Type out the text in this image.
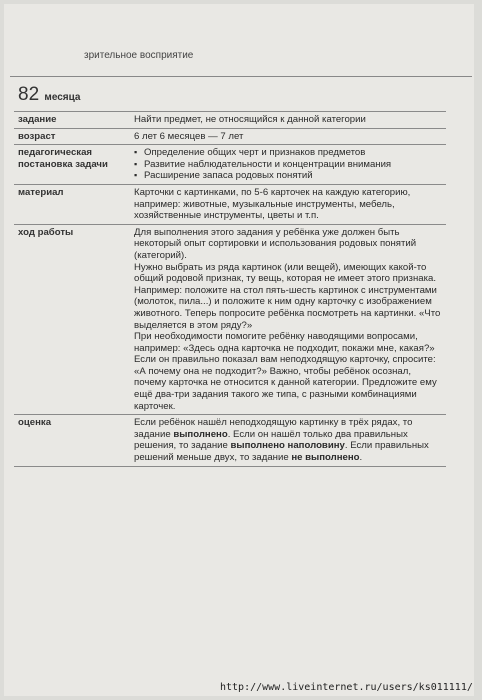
зрительное восприятие
82 месяца
задание	Найти предмет, не относящийся к данной категории
возраст	6 лет 6 месяцев — 7 лет
педагогическая постановка задачи
▪ Определение общих черт и признаков предметов
▪ Развитие наблюдательности и концентрации внимания
▪ Расширение запаса родовых понятий
материал	Карточки с картинками, по 5-6 карточек на каждую категорию, например: животные, музыкальные инструменты, мебель, хозяйственные инструменты, цветы и т.п.
ход работы	Для выполнения этого задания у ребёнка уже должен быть некоторый опыт сортировки и использования родовых понятий (категорий).

Нужно выбрать из ряда картинок (или вещей), имеющих какой-то общий родовой признак, ту вещь, которая не имеет этого признака. Например: положите на стол пять-шесть картинок с инструментами (молоток, пила...) и положите к ним одну карточку с изображением животного. Теперь попросите ребёнка посмотреть на картинки. «Что выделяется в этом ряду?»

При необходимости помогите ребёнку наводящими вопросами, например: «Здесь одна карточка не подходит, покажи мне, какая?» Если он правильно показал вам неподходящую карточку, спросите: «А почему она не подходит?» Важно, чтобы ребёнок осознал, почему карточка не относится к данной категории. Предложите ему ещё два-три задания такого же типа, с разными комбинациями карточек.

оценка	Если ребёнок нашёл неподходящую картинку в трёх рядах, то задание выполнено. Если он нашёл только два правильных решения, то задание выполнено наполовину. Если правильных решений меньше двух, то задание не выполнено.
http://www.liveinternet.ru/users/ks011111/
